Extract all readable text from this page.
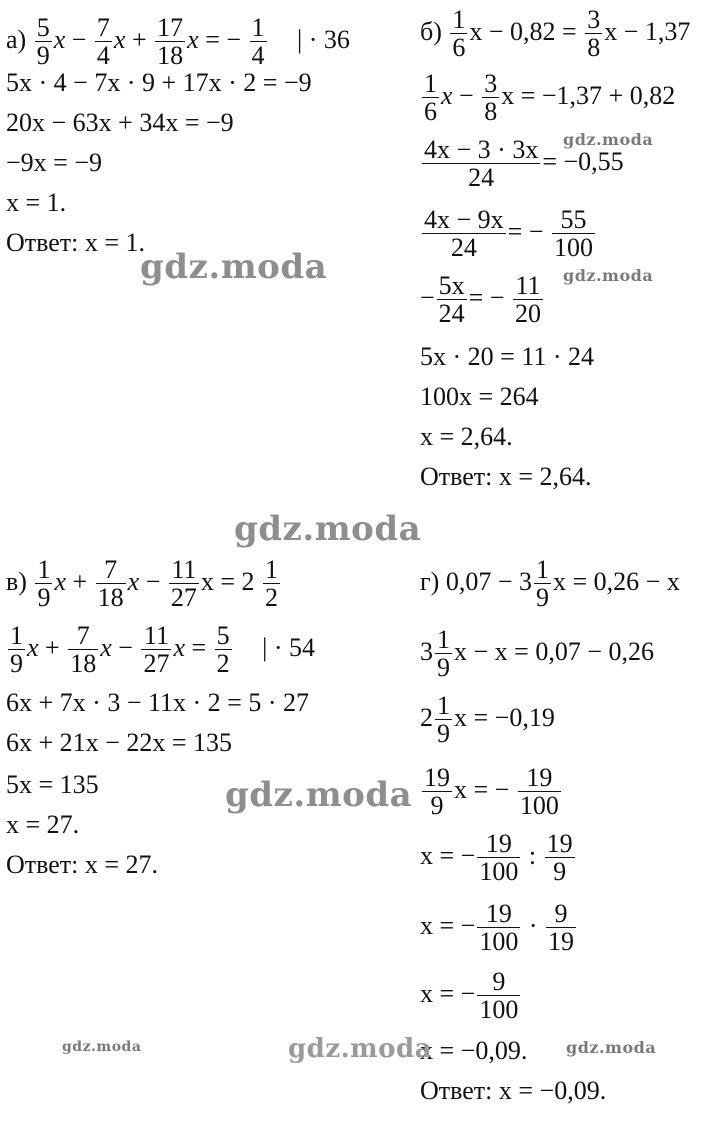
$а) \frac{5}{9}$ $x - \frac{7}{4}$ $x + \frac{17}{18}$ x = − $\frac{1}{4}$ | · 36
5x · 4 − 7x · 9 + 17x · 2 = −9
20x − 63x + 34x = −9
−9x = −9
x = 1.
Ответ: x = 1.
$б) \frac{1}{6}$ $x - 0,82 = \frac{3}{8}$ x − 1,37
$\frac{1}{6}$ $x - \frac{3}{8}$ x = −1,37 + 0,82
$\frac{4x - 3 \cdot 3x}{24} = -0,55$
$\frac{4x - 9x}{24}$ = − $\frac{55}{100}$
− $\frac{5x}{24}$ = − $\frac{11}{20}$
5x · 20 = 11 · 24
100x = 264
x = 2,64.
Ответ: x = 2,64.
$в) \frac{1}{9}$ $x + \frac{7}{18}$ $x - \frac{11}{27}$ $x = 2 \frac{1}{2}$
$\frac{1}{9}$ $x + \frac{7}{18}$ $x - \frac{11}{27}$ $x = \frac{5}{2}$ | · 54
6x + 7x · 3 − 11x · 2 = 5 · 27
6x + 21x − 22x = 135
5x = 135
x = 27.
Ответ: x = 27.
г) $0,07 - 3 \frac{1}{9}$ x = 0,26 − x
$3 \frac{1}{9}$ x − x = 0,07 − 0,26
$2 \frac{1}{9}$ x = −0,19
$\frac{19}{9}$ x = − $\frac{19}{100}$
x = − $\frac{19}{100}$ : $\frac{19}{9}$
x = − $\frac{19}{100} \cdot \frac{9}{19}$
x = − $\frac{9}{100}$
x = −0,09.
Ответ: x = −0,09.
gdz.moda
gdz.moda
gdz.moda
gdz.moda
gdz.moda
gdz.moda
gdz.moda
gdz.moda
